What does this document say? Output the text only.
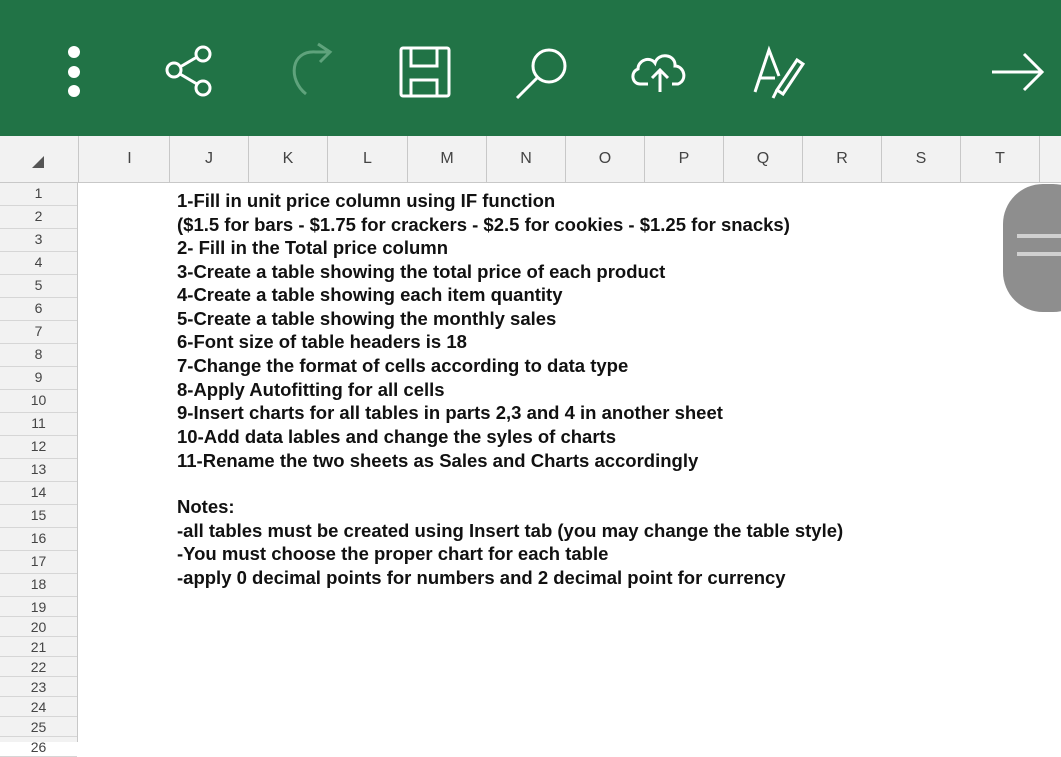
I	J	K	L	M	N	O	P	Q	R	S	T
1
2
3
4
5
6
7
8
9
10
11
12
13
14
15
16
17
18
19
20
21
22
23
24
25
26
1-Fill in unit price column using IF function
($1.5 for bars - $1.75 for crackers - $2.5 for cookies - $1.25 for snacks)
2- Fill in the Total price column
3-Create a table showing the total price of each product
4-Create a table showing each item quantity
5-Create a table showing the monthly sales
6-Font size of table headers is 18
7-Change the format of cells according to data type
8-Apply Autofitting for all cells
9-Insert charts for all tables in parts 2,3 and 4 in another sheet
10-Add data lables and change the syles of charts
11-Rename the two sheets as Sales and Charts accordingly
Notes:
-all tables must be created using Insert tab (you may change the table style)
-You must choose the proper chart for each table
-apply 0 decimal points for numbers and 2 decimal point for currency
